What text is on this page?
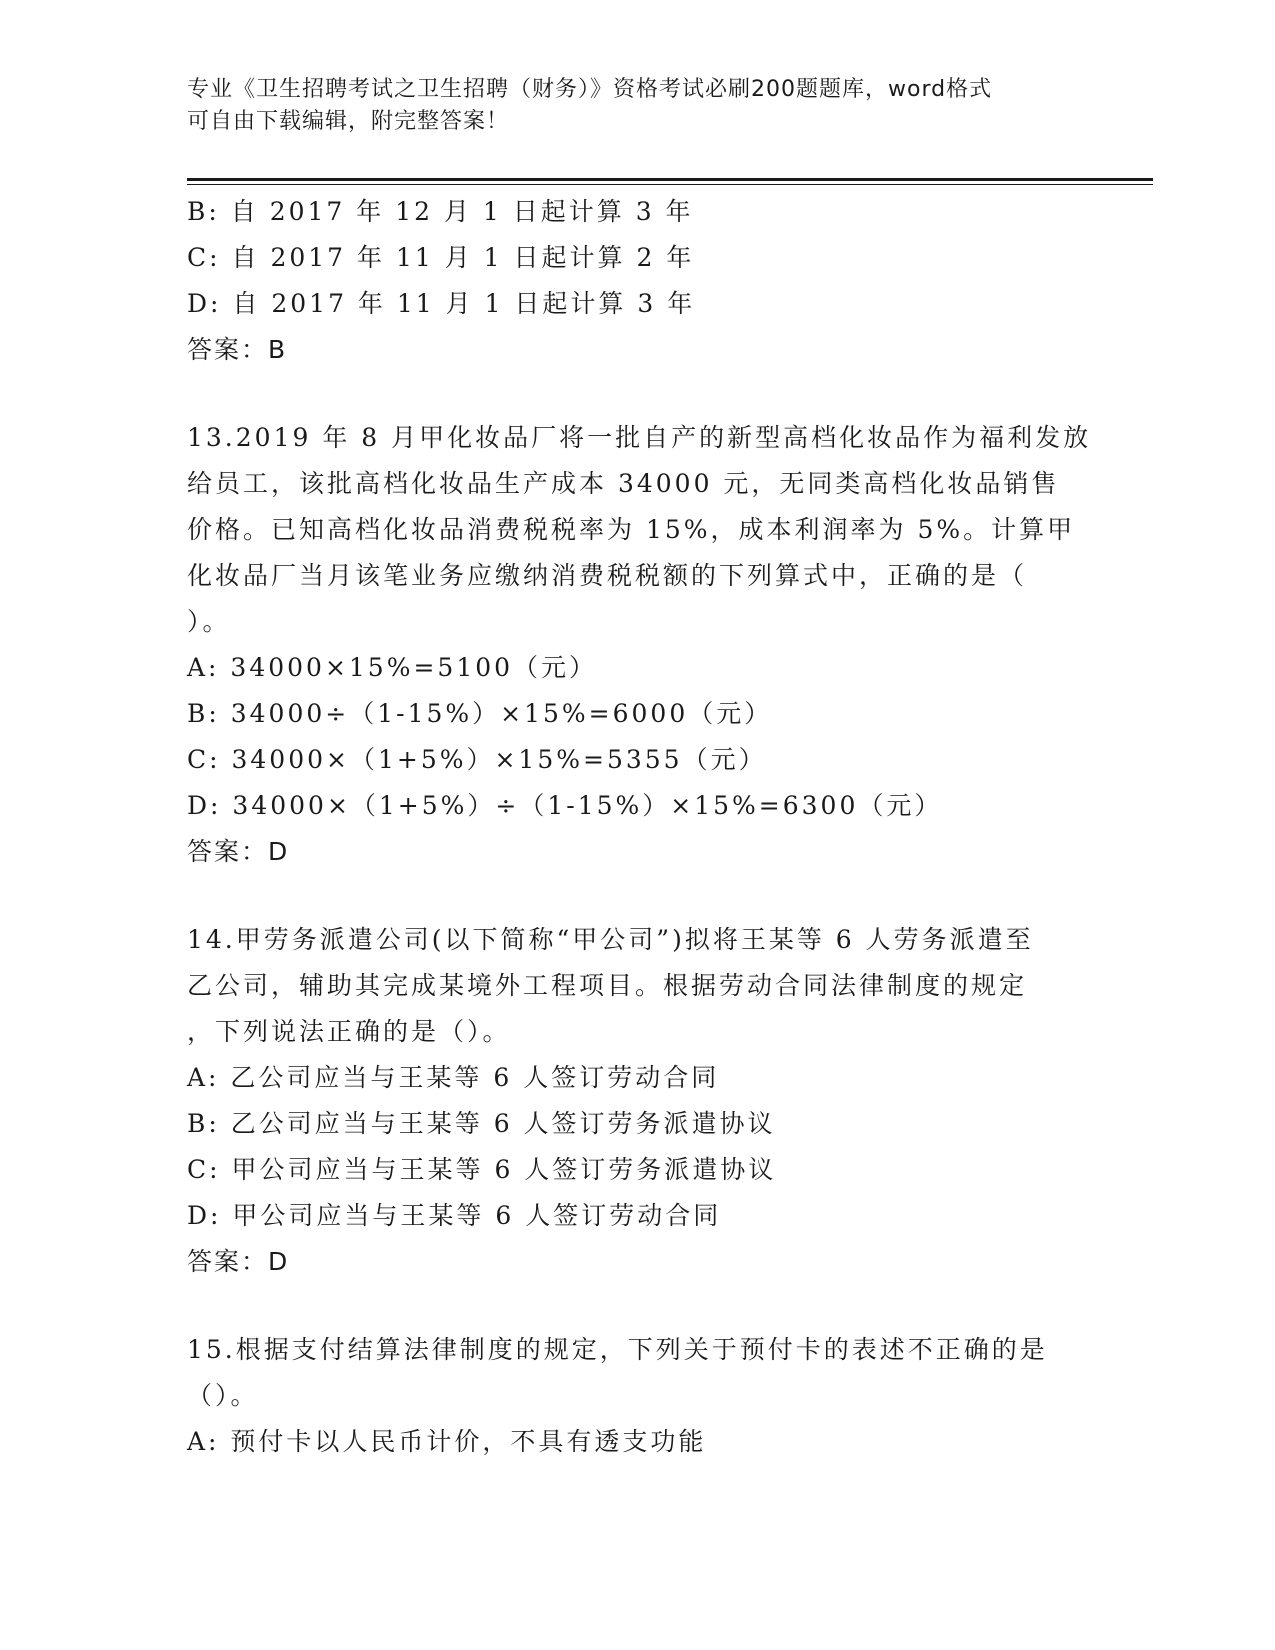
专业《卫生招聘考试之卫生招聘（财务）》资格考试必刷200题题库，word格式
可自由下载编辑，附完整答案！
B: 自 2017 年 12 月 1 日起计算 3 年
C: 自 2017 年 11 月 1 日起计算 2 年
D: 自 2017 年 11 月 1 日起计算 3 年
答案：B
13.2019 年 8 月甲化妆品厂将一批自产的新型高档化妆品作为福利发放
给员工，该批高档化妆品生产成本 34000 元，无同类高档化妆品销售
价格。已知高档化妆品消费税税率为 15%，成本利润率为 5%。计算甲
化妆品厂当月该笔业务应缴纳消费税税额的下列算式中，正确的是（
）。
A: 34000×15%=5100（元）
B: 34000÷（1-15%）×15%=6000（元）
C: 34000×（1+5%）×15%=5355（元）
D: 34000×（1+5%）÷（1-15%）×15%=6300（元）
答案：D
14.甲劳务派遣公司(以下简称“甲公司”)拟将王某等 6 人劳务派遣至
乙公司，辅助其完成某境外工程项目。根据劳动合同法律制度的规定
，下列说法正确的是（）。
A: 乙公司应当与王某等 6 人签订劳动合同
B: 乙公司应当与王某等 6 人签订劳务派遣协议
C: 甲公司应当与王某等 6 人签订劳务派遣协议
D: 甲公司应当与王某等 6 人签订劳动合同
答案：D
15.根据支付结算法律制度的规定，下列关于预付卡的表述不正确的是
（）。
A: 预付卡以人民币计价，不具有透支功能
